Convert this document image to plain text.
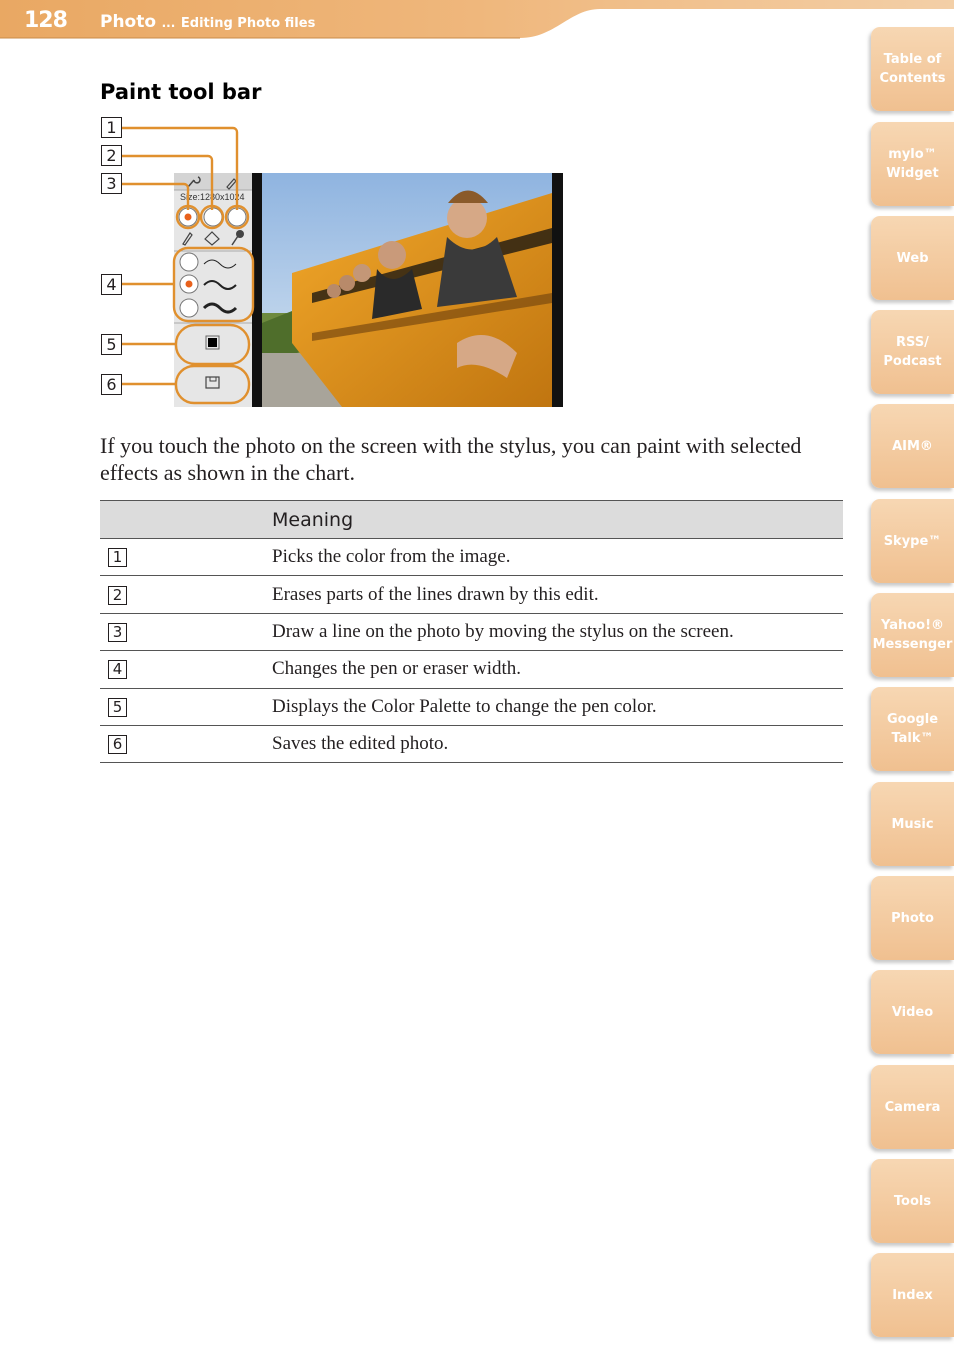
128 Photo ... Editing Photo files
Table of
Contents
mylo™
Widget
Web
RSS/
Podcast
AIM®
Skype™
Yahoo!®
Messenger
Google
Talk™
Music
Photo
Video
Camera
Tools
Index
Paint tool bar
1
2
3
4
5
6
Size:1280x1024

If you touch the photo on the screen with the stylus, you can paint with selected effects as shown in the chart.

Meaning	
1	Picks the color from the image.
2	Erases parts of the lines drawn by this edit.
3	Draw a line on the photo by moving the stylus on the screen.
4	Changes the pen or eraser width.
5	Displays the Color Palette to change the pen color.
6	Saves the edited photo.
